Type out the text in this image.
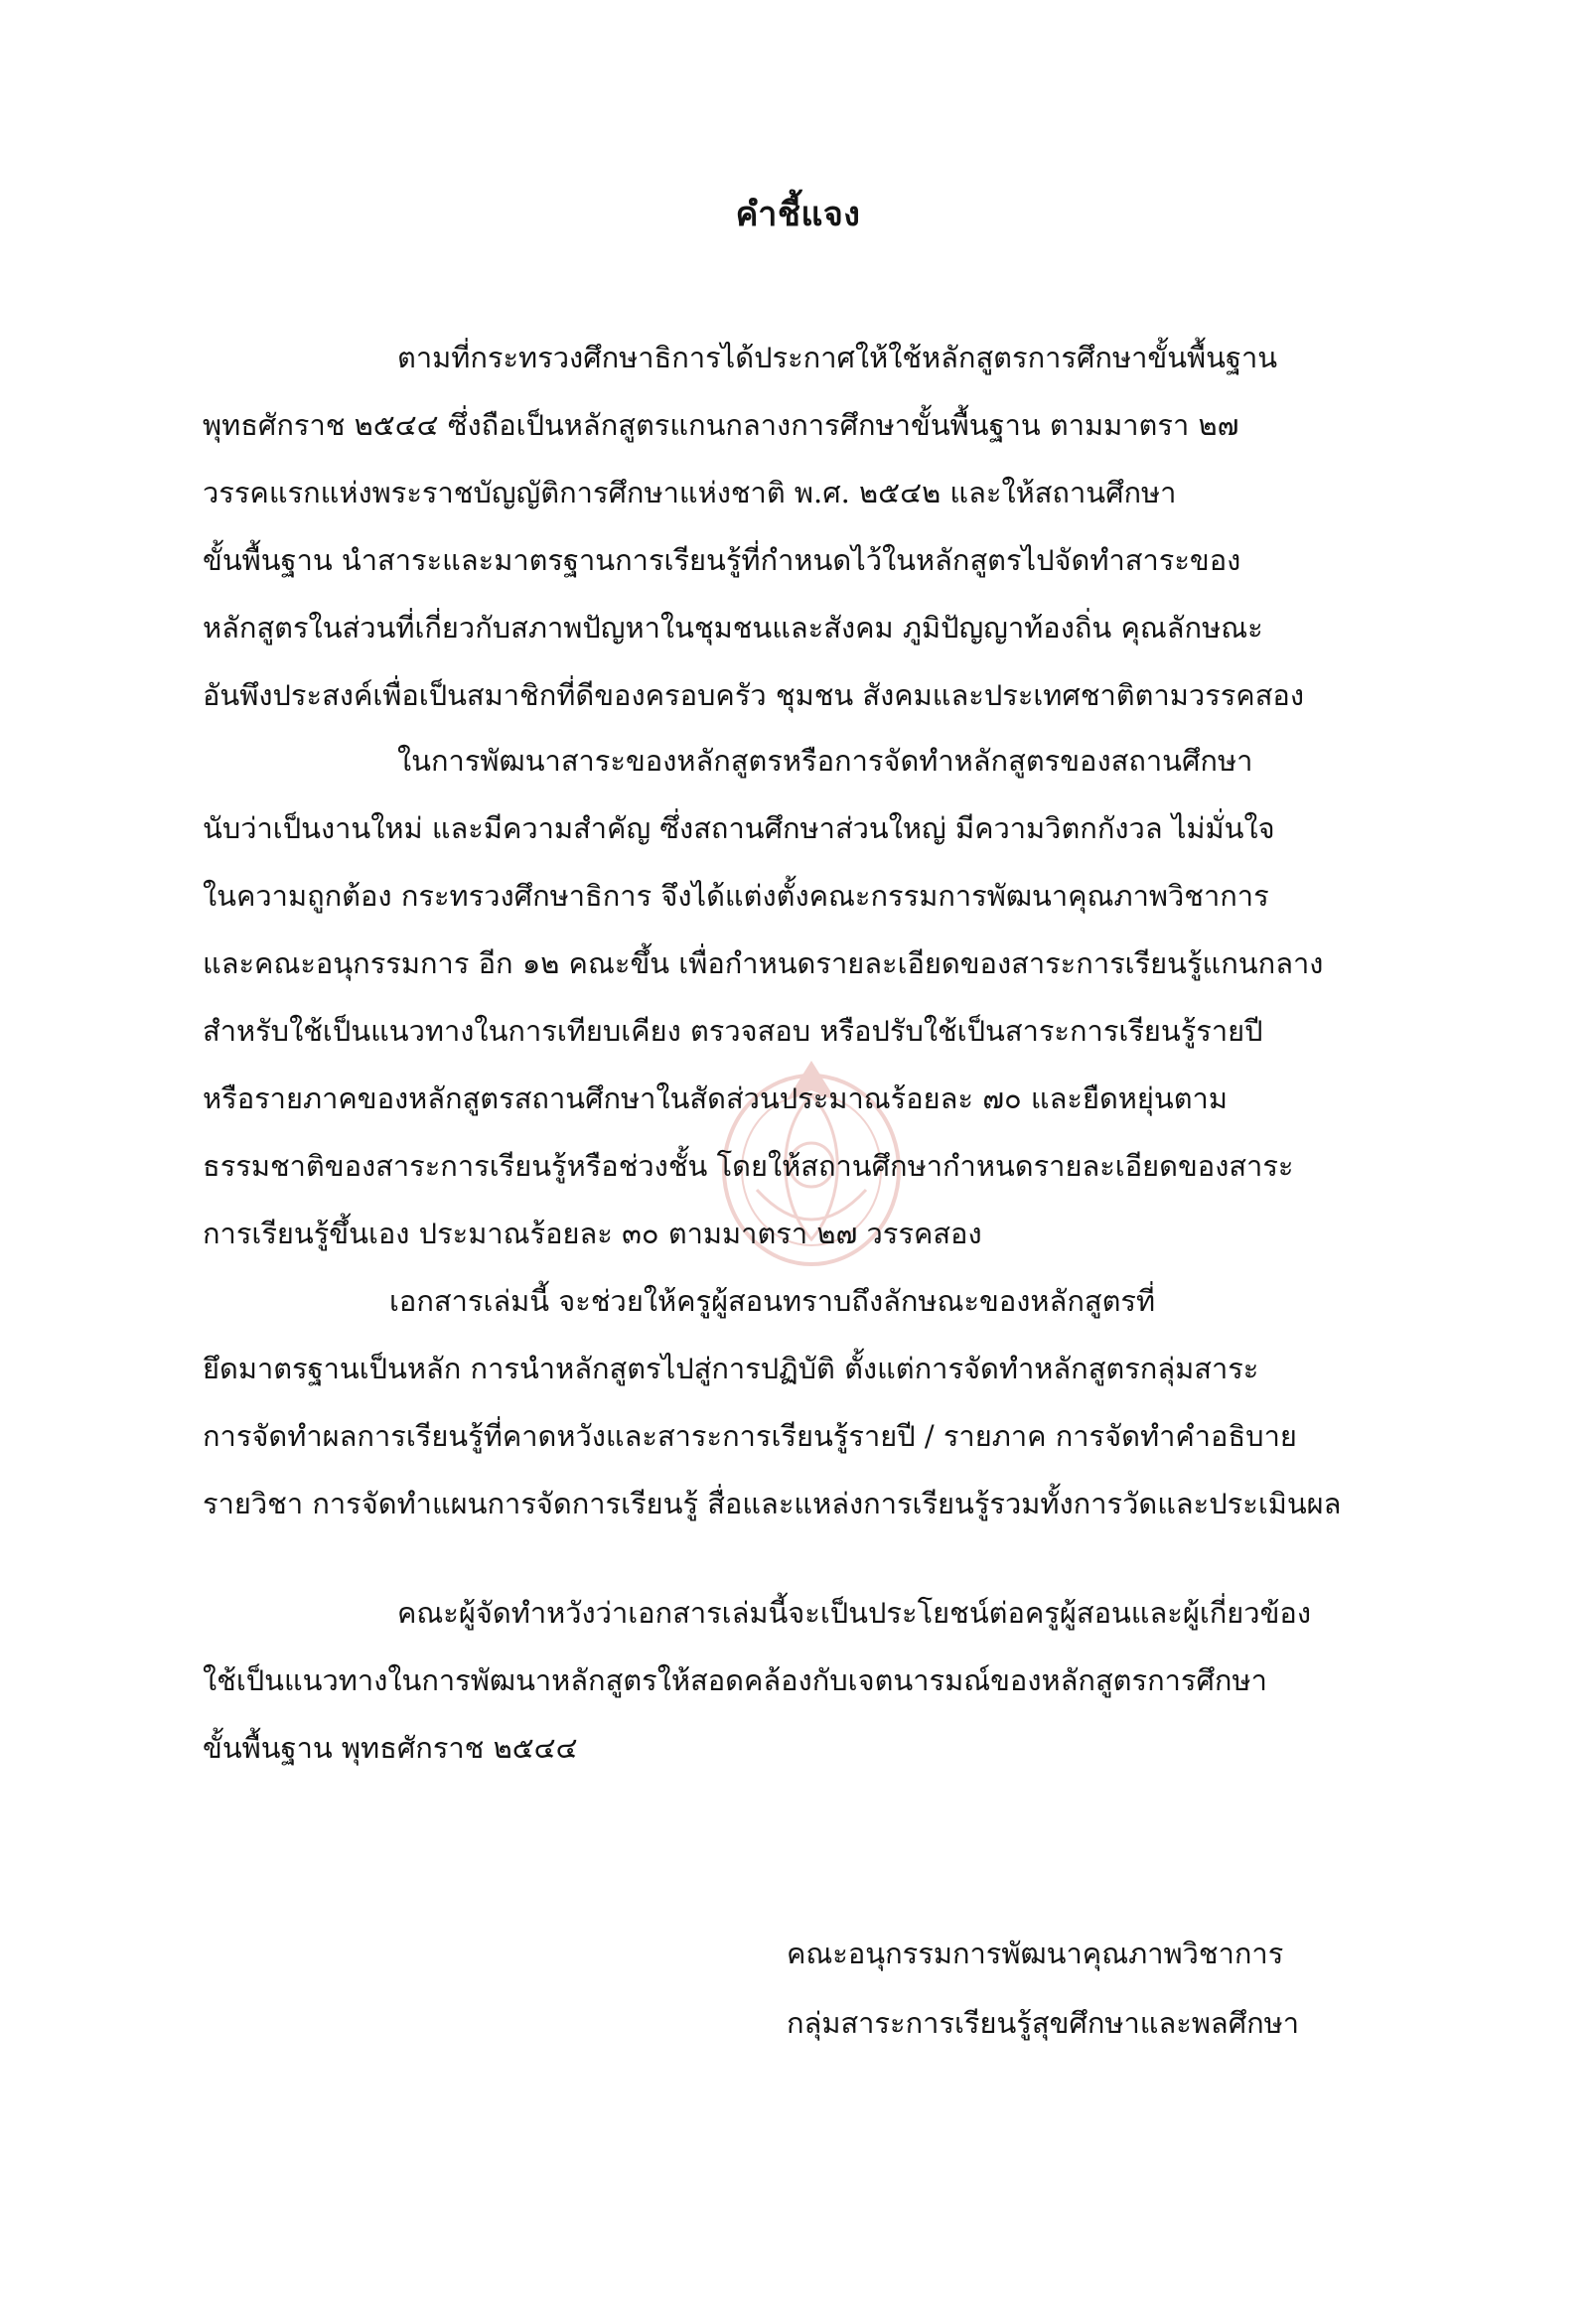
คำชี้แจง
ตามที่กระทรวงศึกษาธิการได้ประกาศให้ใช้หลักสูตรการศึกษาขั้นพื้นฐาน
พุทธศักราช ๒๕๔๔ ซึ่งถือเป็นหลักสูตรแกนกลางการศึกษาขั้นพื้นฐาน ตามมาตรา ๒๗
วรรคแรกแห่งพระราชบัญญัติการศึกษาแห่งชาติ พ.ศ. ๒๕๔๒ และให้สถานศึกษา
ขั้นพื้นฐาน นำสาระและมาตรฐานการเรียนรู้ที่กำหนดไว้ในหลักสูตรไปจัดทำสาระของ
หลักสูตรในส่วนที่เกี่ยวกับสภาพปัญหาในชุมชนและสังคม ภูมิปัญญาท้องถิ่น คุณลักษณะ
อันพึงประสงค์เพื่อเป็นสมาชิกที่ดีของครอบครัว ชุมชน สังคมและประเทศชาติตามวรรคสอง
ในการพัฒนาสาระของหลักสูตรหรือการจัดทำหลักสูตรของสถานศึกษา
นับว่าเป็นงานใหม่ และมีความสำคัญ ซึ่งสถานศึกษาส่วนใหญ่ มีความวิตกกังวล ไม่มั่นใจ
ในความถูกต้อง กระทรวงศึกษาธิการ จึงได้แต่งตั้งคณะกรรมการพัฒนาคุณภาพวิชาการ
และคณะอนุกรรมการ อีก ๑๒ คณะขึ้น เพื่อกำหนดรายละเอียดของสาระการเรียนรู้แกนกลาง
สำหรับใช้เป็นแนวทางในการเทียบเคียง ตรวจสอบ หรือปรับใช้เป็นสาระการเรียนรู้รายปี
หรือรายภาคของหลักสูตรสถานศึกษาในสัดส่วนประมาณร้อยละ ๗๐ และยืดหยุ่นตาม
ธรรมชาติของสาระการเรียนรู้หรือช่วงชั้น โดยให้สถานศึกษากำหนดรายละเอียดของสาระ
การเรียนรู้ขึ้นเอง ประมาณร้อยละ ๓๐ ตามมาตรา ๒๗ วรรคสอง
เอกสารเล่มนี้ จะช่วยให้ครูผู้สอนทราบถึงลักษณะของหลักสูตรที่
ยึดมาตรฐานเป็นหลัก การนำหลักสูตรไปสู่การปฏิบัติ ตั้งแต่การจัดทำหลักสูตรกลุ่มสาระ
การจัดทำผลการเรียนรู้ที่คาดหวังและสาระการเรียนรู้รายปี / รายภาค การจัดทำคำอธิบาย
รายวิชา การจัดทำแผนการจัดการเรียนรู้ สื่อและแหล่งการเรียนรู้รวมทั้งการวัดและประเมินผล
คณะผู้จัดทำหวังว่าเอกสารเล่มนี้จะเป็นประโยชน์ต่อครูผู้สอนและผู้เกี่ยวข้อง
ใช้เป็นแนวทางในการพัฒนาหลักสูตรให้สอดคล้องกับเจตนารมณ์ของหลักสูตรการศึกษา
ขั้นพื้นฐาน พุทธศักราช ๒๕๔๔
คณะอนุกรรมการพัฒนาคุณภาพวิชาการ
กลุ่มสาระการเรียนรู้สุขศึกษาและพลศึกษา
